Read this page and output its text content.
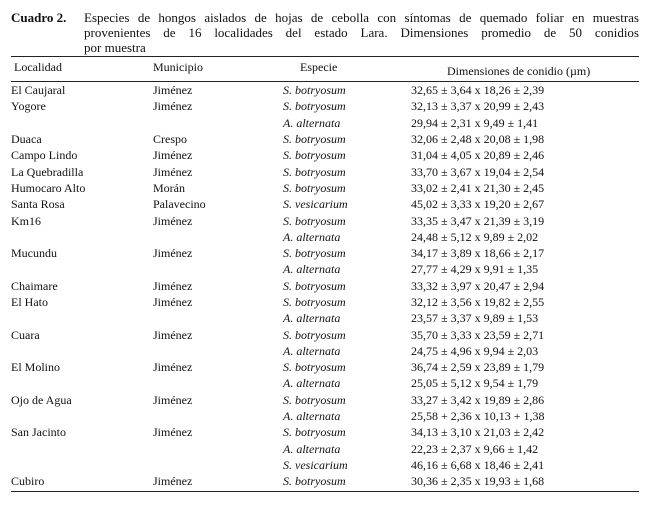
Cuadro 2. Especies de hongos aislados de hojas de cebolla con síntomas de quemado foliar en muestras
provenientes de 16 localidades del estado Lara. Dimensiones promedio de 50 conidios
por muestra
Localidad	Municipio	Especie	Dimensiones de conidio (µm)
El Caujaral	Jiménez	S. botryosum	32,65 ± 3,64 x 18,26 ± 2,39
Yogore	Jiménez	S. botryosum	32,13 ± 3,37 x 20,99 ± 2,43
		A. alternata	29,94 ± 2,31 x 9,49 ± 1,41
Duaca	Crespo	S. botryosum	32,06 ± 2,48 x 20,08 ± 1,98
Campo Lindo	Jiménez	S. botryosum	31,04 ± 4,05 x 20,89 ± 2,46
La Quebradilla	Jiménez	S. botryosum	33,70 ± 3,67 x 19,04 ± 2,54
Humocaro Alto	Morán	S. botryosum	33,02 ± 2,41 x 21,30 ± 2,45
Santa Rosa	Palavecino	S. vesicarium	45,02 ± 3,33 x 19,20 ± 2,67
Km16	Jiménez	S. botryosum	33,35 ± 3,47 x 21,39 ± 3,19
		A. alternata	24,48 ± 5,12 x 9,89 ± 2,02
Mucundu	Jiménez	S. botryosum	34,17 ± 3,89 x 18,66 ± 2,17
		A. alternata	27,77 ± 4,29 x 9,91 ± 1,35
Chaimare	Jiménez	S. botryosum	33,32 ± 3,97 x 20,47 ± 2,94
El Hato	Jiménez	S. botryosum	32,12 ± 3,56 x 19,82 ± 2,55
		A. alternata	23,57 ± 3,37 x 9,89 ± 1,53
Cuara	Jiménez	S. botryosum	35,70 ± 3,33 x 23,59 ± 2,71
		A. alternata	24,75 ± 4,96 x 9,94 ± 2,03
El Molino	Jiménez	S. botryosum	36,74 ± 2,59 x 23,89 ± 1,79
		A. alternata	25,05 ± 5,12 x 9,54 ± 1,79
Ojo de Agua	Jiménez	S. botryosum	33,27 ± 3,42 x 19,89 ± 2,86
		A. alternata	25,58 + 2,36 x 10,13 + 1,38
San Jacinto	Jiménez	S. botryosum	34,13 ± 3,10 x 21,03 ± 2,42
		A. alternata	22,23 ± 2,37 x 9,66 ± 1,42
		S. vesicarium	46,16 ± 6,68 x 18,46 ± 2,41
Cubiro	Jiménez	S. botryosum	30,36 ± 2,35 x 19,93 ± 1,68
